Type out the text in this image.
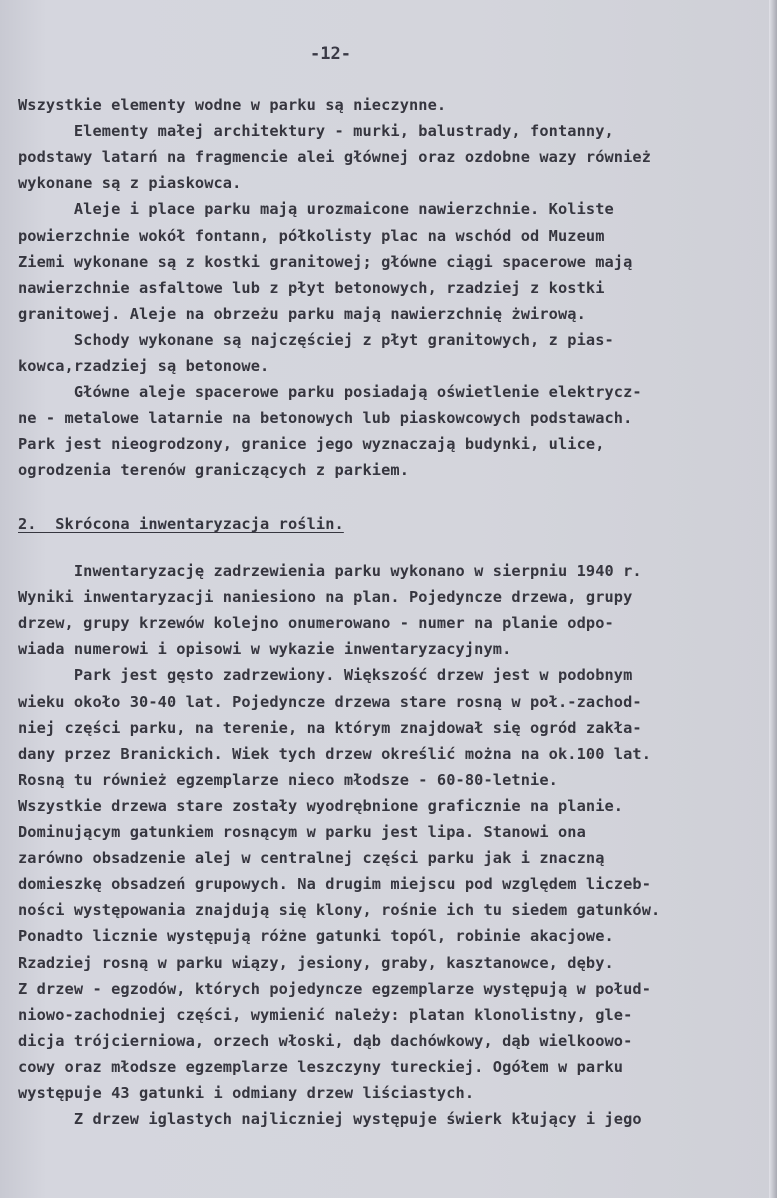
-12-
Wszystkie elementy wodne w parku są nieczynne.
Elementy małej architektury - murki, balustrady, fontanny,
podstawy latarń na fragmencie alei głównej oraz ozdobne wazy również
wykonane są z piaskowca.
Aleje i place parku mają urozmaicone nawierzchnie. Koliste
powierzchnie wokół fontann, półkolisty plac na wschód od Muzeum
Ziemi wykonane są z kostki granitowej; główne ciągi spacerowe mają
nawierzchnie asfaltowe lub z płyt betonowych, rzadziej z kostki
granitowej. Aleje na obrzeżu parku mają nawierzchnię żwirową.
Schody wykonane są najczęściej z płyt granitowych, z pias-
kowca,rzadziej są betonowe.
Główne aleje spacerowe parku posiadają oświetlenie elektrycz-
ne - metalowe latarnie na betonowych lub piaskowcowych podstawach.
Park jest nieogrodzony, granice jego wyznaczają budynki, ulice,
ogrodzenia terenów graniczących z parkiem.
2.  Skrócona inwentaryzacja roślin.
Inwentaryzację zadrzewienia parku wykonano w sierpniu 1940 r.
Wyniki inwentaryzacji naniesiono na plan. Pojedyncze drzewa, grupy
drzew, grupy krzewów kolejno onumerowano - numer na planie odpo-
wiada numerowi i opisowi w wykazie inwentaryzacyjnym.
Park jest gęsto zadrzewiony. Większość drzew jest w podobnym
wieku około 30-40 lat. Pojedyncze drzewa stare rosną w poł.-zachod-
niej części parku, na terenie, na którym znajdował się ogród zakła-
dany przez Branickich. Wiek tych drzew określić można na ok.100 lat.
Rosną tu również egzemplarze nieco młodsze - 60-80-letnie.
Wszystkie drzewa stare zostały wyodrębnione graficznie na planie.
Dominującym gatunkiem rosnącym w parku jest lipa. Stanowi ona
zarówno obsadzenie alej w centralnej części parku jak i znaczną
domieszkę obsadzeń grupowych. Na drugim miejscu pod względem liczeb-
ności występowania znajdują się klony, rośnie ich tu siedem gatunków.
Ponadto licznie występują różne gatunki topól, robinie akacjowe.
Rzadziej rosną w parku wiązy, jesiony, graby, kasztanowce, dęby.
Z drzew - egzodów, których pojedyncze egzemplarze występują w połud-
niowo-zachodniej części, wymienić należy: platan klonolistny, gle-
dicja trójcierniowa, orzech włoski, dąb dachówkowy, dąb wielkoowo-
cowy oraz młodsze egzemplarze leszczyny tureckiej. Ogółem w parku
występuje 43 gatunki i odmiany drzew liściastych.
Z drzew iglastych najliczniej występuje świerk kłujący i jego
